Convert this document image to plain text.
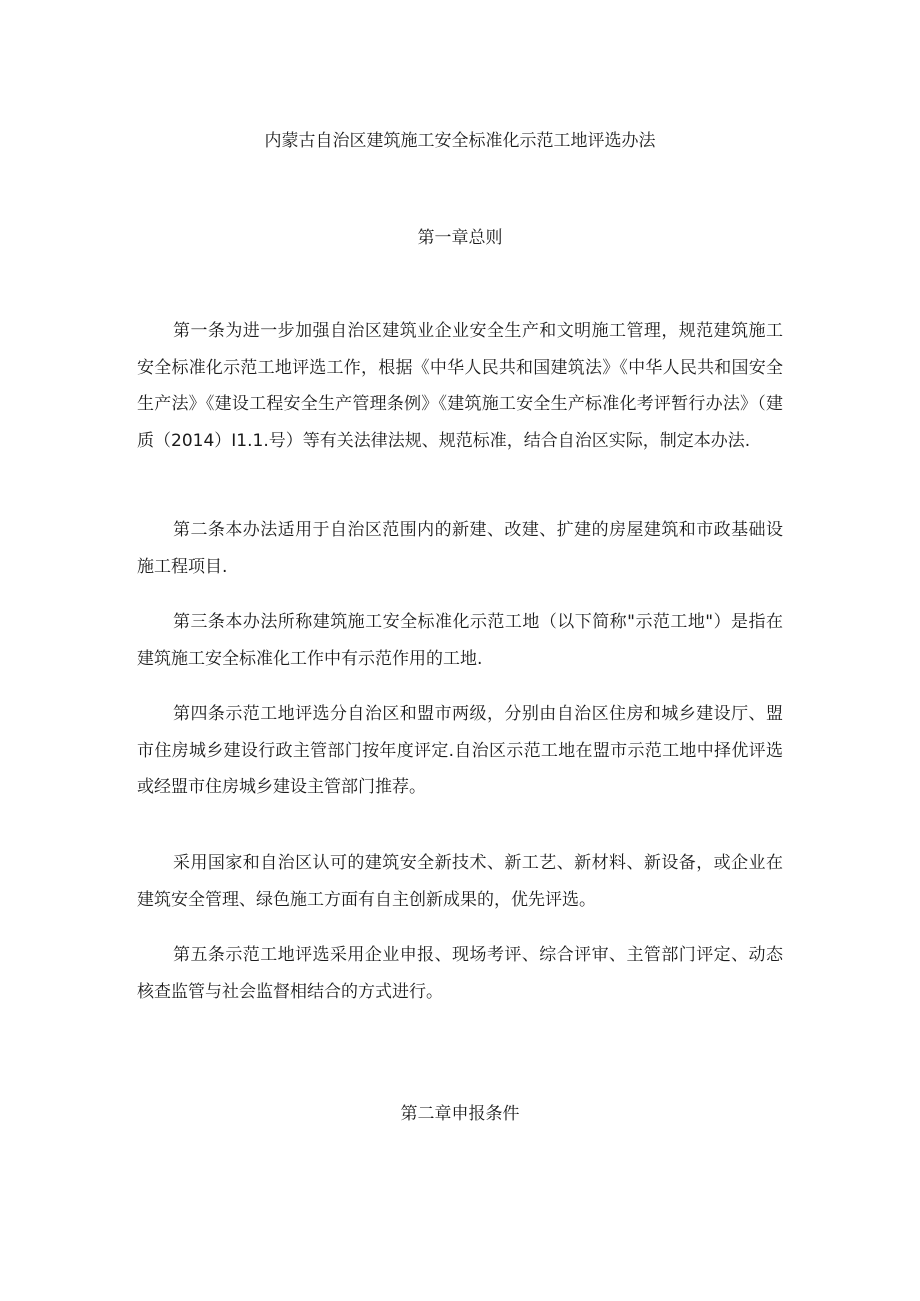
内蒙古自治区建筑施工安全标准化示范工地评选办法
第一章总则

第一条为进一步加强自治区建筑业企业安全生产和文明施工管理，规范建筑施工安全标准化示范工地评选工作，根据《中华人民共和国建筑法》《中华人民共和国安全生产法》《建设工程安全生产管理条例》《建筑施工安全生产标准化考评暂行办法》（建质（2014）I1.1.号）等有关法律法规、规范标准，结合自治区实际，制定本办法.

第二条本办法适用于自治区范围内的新建、改建、扩建的房屋建筑和市政基础设施工程项目.

第三条本办法所称建筑施工安全标准化示范工地（以下简称"示范工地"）是指在建筑施工安全标准化工作中有示范作用的工地.

第四条示范工地评选分自治区和盟市两级，分别由自治区住房和城乡建设厅、盟市住房城乡建设行政主管部门按年度评定.自治区示范工地在盟市示范工地中择优评选或经盟市住房城乡建设主管部门推荐。

采用国家和自治区认可的建筑安全新技术、新工艺、新材料、新设备，或企业在建筑安全管理、绿色施工方面有自主创新成果的，优先评选。

第五条示范工地评选采用企业申报、现场考评、综合评审、主管部门评定、动态核查监管与社会监督相结合的方式进行。

第二章申报条件
